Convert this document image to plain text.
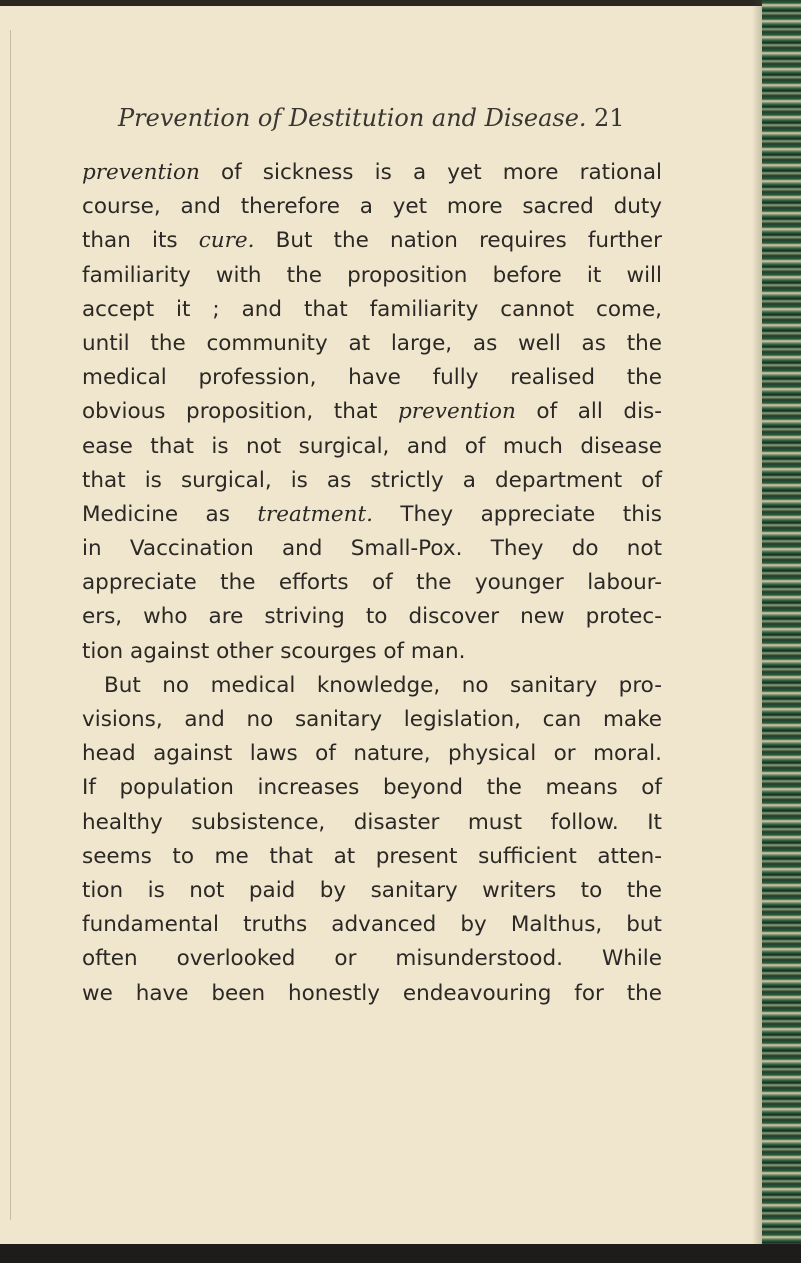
Prevention of Destitution and Disease. 21
prevention of sickness is a yet more rational
course, and therefore a yet more sacred duty
than its cure. But the nation requires further
familiarity with the proposition before it will
accept it ; and that familiarity cannot come,
until the community at large, as well as the
medical profession, have fully realised the
obvious proposition, that prevention of all dis-
ease that is not surgical, and of much disease
that is surgical, is as strictly a department of
Medicine as treatment. They appreciate this
in Vaccination and Small-Pox. They do not
appreciate the efforts of the younger labour-
ers, who are striving to discover new protec-
tion against other scourges of man.
But no medical knowledge, no sanitary pro-
visions, and no sanitary legislation, can make
head against laws of nature, physical or moral.
If population increases beyond the means of
healthy subsistence, disaster must follow. It
seems to me that at present sufficient atten-
tion is not paid by sanitary writers to the
fundamental truths advanced by Malthus, but
often overlooked or misunderstood. While
we have been honestly endeavouring for the
